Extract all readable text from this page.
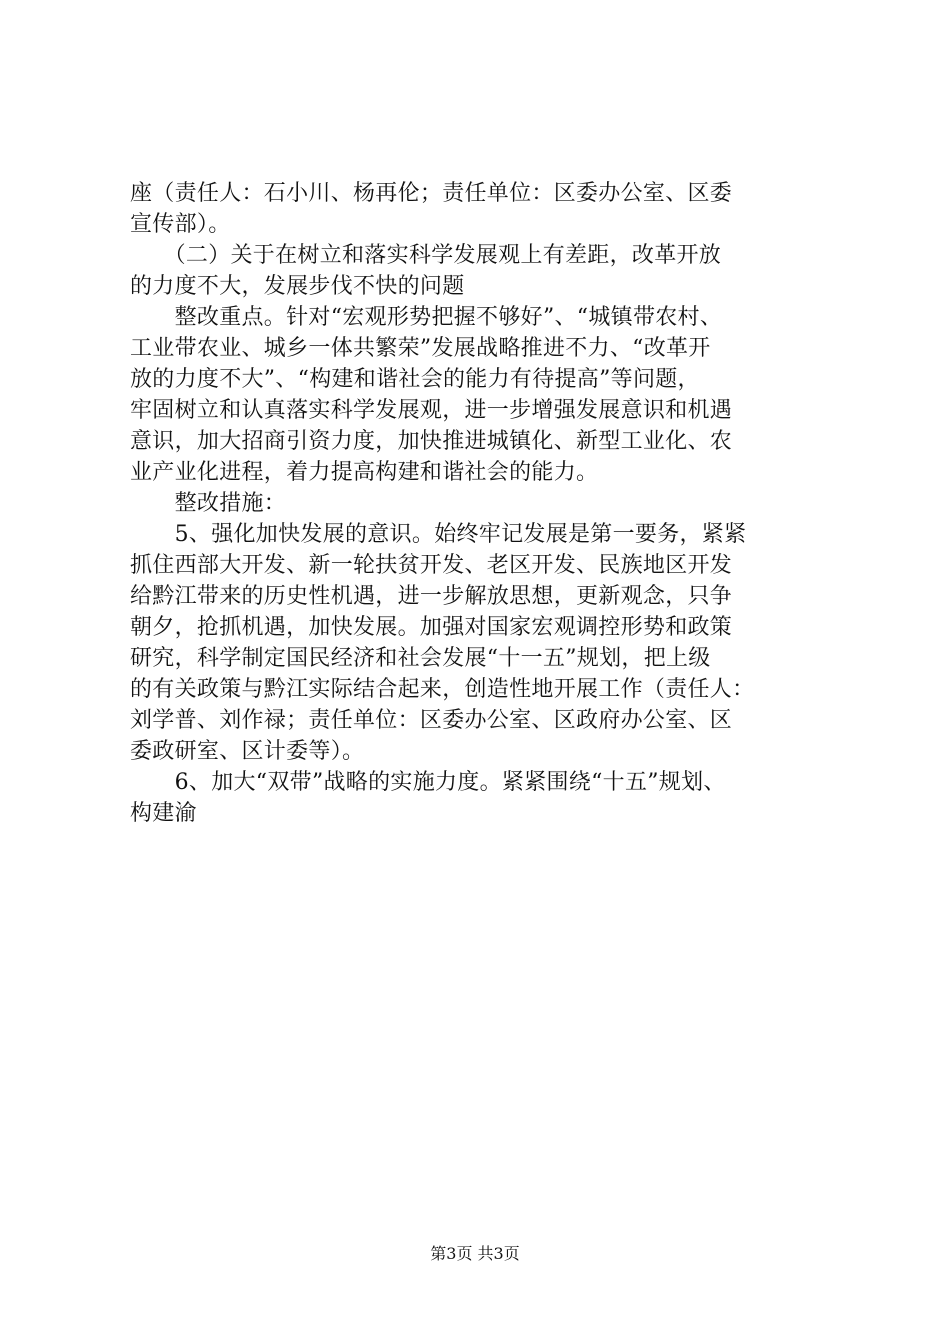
座（责任人：石小川、杨再伦；责任单位：区委办公室、区委
宣传部）。
　　（二）关于在树立和落实科学发展观上有差距，改革开放
的力度不大，发展步伐不快的问题
　　整改重点。针对“宏观形势把握不够好”、“城镇带农村、
工业带农业、城乡一体共繁荣”发展战略推进不力、“改革开
放的力度不大”、“构建和谐社会的能力有待提高”等问题，
牢固树立和认真落实科学发展观，进一步增强发展意识和机遇
意识，加大招商引资力度，加快推进城镇化、新型工业化、农
业产业化进程，着力提高构建和谐社会的能力。
　　整改措施：
　　5、强化加快发展的意识。始终牢记发展是第一要务，紧紧
抓住西部大开发、新一轮扶贫开发、老区开发、民族地区开发
给黔江带来的历史性机遇，进一步解放思想，更新观念，只争
朝夕，抢抓机遇，加快发展。加强对国家宏观调控形势和政策
研究，科学制定国民经济和社会发展“十一五”规划，把上级
的有关政策与黔江实际结合起来，创造性地开展工作（责任人：
刘学普、刘作禄；责任单位：区委办公室、区政府办公室、区
委政研室、区计委等）。
　　6、加大“双带”战略的实施力度。紧紧围绕“十五”规划、
构建渝
第3页 共3页
